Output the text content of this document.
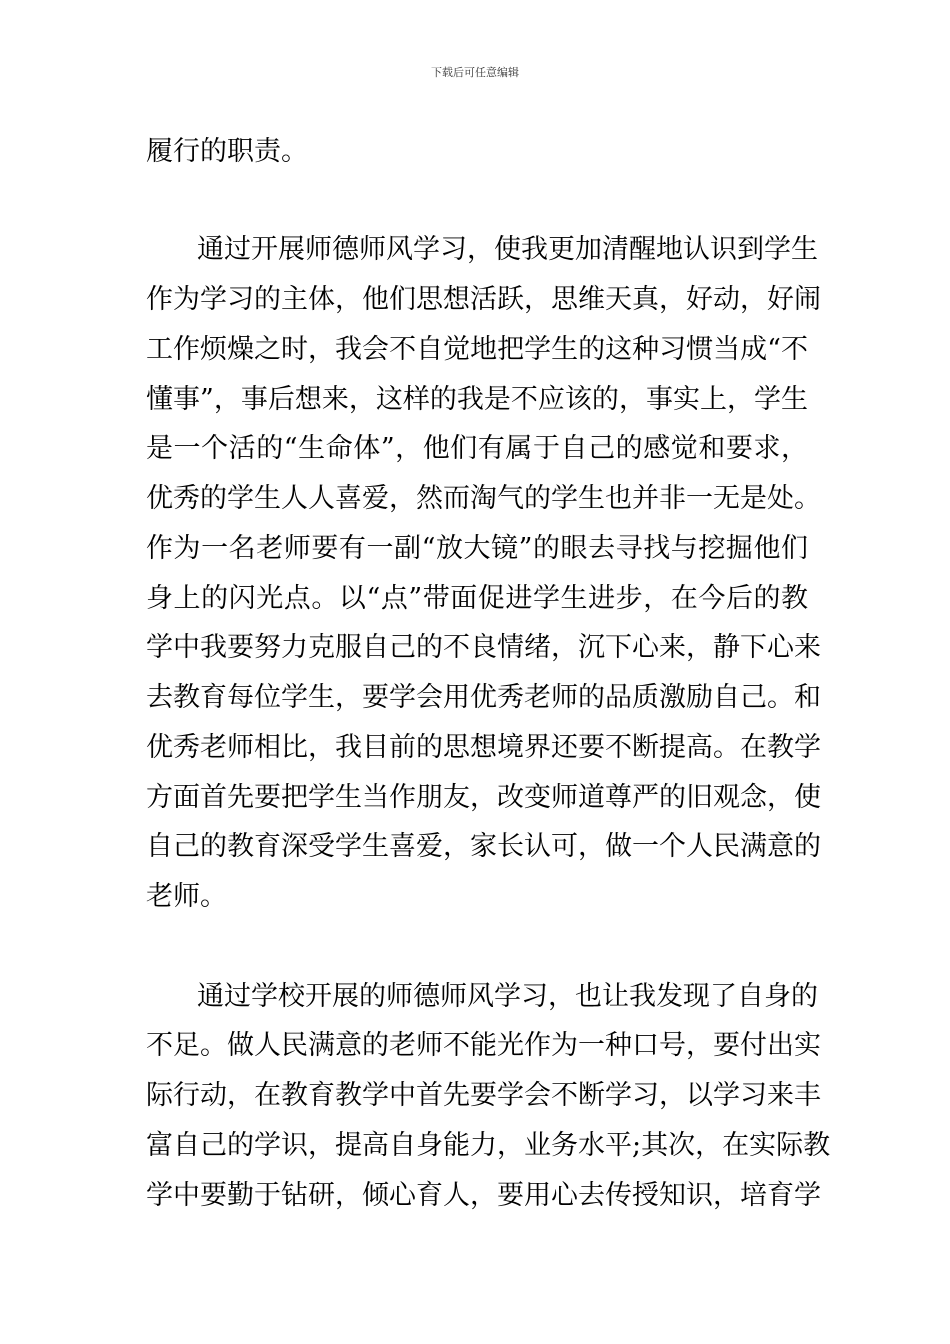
下载后可任意编辑
履行的职责。
通过开展师德师风学习，使我更加清醒地认识到学生
作为学习的主体，他们思想活跃，思维天真，好动，好闹
工作烦燥之时，我会不自觉地把学生的这种习惯当成“不
懂事”，事后想来，这样的我是不应该的，事实上，学生
是一个活的“生命体”，他们有属于自己的感觉和要求，
优秀的学生人人喜爱，然而淘气的学生也并非一无是处。
作为一名老师要有一副“放大镜”的眼去寻找与挖掘他们
身上的闪光点。以“点”带面促进学生进步，在今后的教
学中我要努力克服自己的不良情绪，沉下心来，静下心来
去教育每位学生，要学会用优秀老师的品质激励自己。和
优秀老师相比，我目前的思想境界还要不断提高。在教学
方面首先要把学生当作朋友，改变师道尊严的旧观念，使
自己的教育深受学生喜爱，家长认可，做一个人民满意的
老师。
通过学校开展的师德师风学习，也让我发现了自身的
不足。做人民满意的老师不能光作为一种口号，要付出实
际行动，在教育教学中首先要学会不断学习，以学习来丰
富自己的学识，提高自身能力，业务水平;其次，在实际教
学中要勤于钻研，倾心育人，要用心去传授知识，培育学
